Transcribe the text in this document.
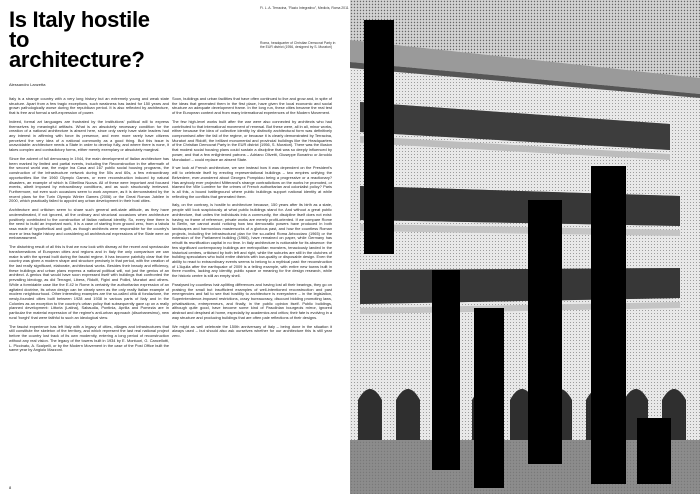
Is Italy hostile to architecture?
Alessandro Lanzetta

Italy is a strange country with a very long history but an extremely young and weak state structure. Apart from a few tragic exceptions, such weakness has lasted for 150 years and grown pathologically worse during the republican period. It is also reflected by architecture, that is free and formal a self-expression of power.

Indeed, formal art languages are frustrated by the institutions' political will to express themselves by meaningful artifacts. What is an absolutely necessary condition for the creation of a national architecture is absent here, since only rarely have state leaders had any interest in affirming with force its presence, and even more rarely have citizens perceived the very idea of a national community as a good thing. But this issue is unavoidable: architecture needs a State in order to develop fully, and where there is none, it takes complex and contradictory forms, either merely exemplary or absolutely marginal.

Since the advent of full democracy in 1944, the main development of Italian architecture has been marked by limited and partial events, including the Reconstruction in the aftermath of the second world war, the major Ina Casa and 167 public social housing programs, the construction of the infrastructure network during the 50s and 60s, a few extraordinary opportunities like the 1960 Olympic Games, or even reconstruction induced by natural disasters, an example of which is Gibellina Nuova. All of these were important and focused events, albeit imposed by extraordinary conditions, and as such structurally irrelevant. Furthermore, not even such occasions seem to work anymore, as it is demonstrated by the recent plans for the Turin Olympic Winter Games (2006) or the Great Roman Jubilee in 2000, which practically failed to appoint any urban development in their host cities.

Architecture and criticism seem to share such general anti-state attitude, as they have underestimated, if not ignored, all the ordinary and structural occasions when architecture positively contributed to the construction of Italian national identity. So, every time there is the need to build an important work, it is a case of starting from ground zero, from a tabula rasa made of hypothetical and guilt, as though architects were responsible for the country's more or less fragile history and considering all architectural expressions of the State were an embarrassment.

The disturbing result of all this is that we now look with dismay at the recent and spectacular transformations of European cities and regions and in Italy the only comparison we can make is with the spread built during the fascist regime. It has become painfully clear that the country was given a modern shape and structure precisely in that period, with the creation of the last really significant, elaborate, architectural works. Besides their beauty and efficiency, these buildings and urban plans express a national political will, not just the genius of an architect. A genius that would have soon expressed itself with buildings that confronted the prevailing ideology, as did Terragni, Libera, Ridolfi, Figini and Pollini, Muratori and others. While a formidable case like the E.42 in Rome is certainly the authoritarian expression of an agitated doctrine, its urban design can be clearly seen as the only really Italian example of modern neighbourhood. Other interesting examples are the so-called città di fondazione, the newly-founded cities built between 1928 and 1938 in various parts of Italy and in the Colonies as an exception to the country's urban policy that subsequently gave up on a really planned development: Littoria (Latina), Sabaudia, Pontinia, Aprilia and Pomezia are in particular the material expression of the regime's anti-urban approach (disurbanesimo), new rural 'borghi' that were faithful to such an ideological view.

The fascist experience has left Italy with a legacy of cities, villages and infrastructures that still constitute the skeleton of the territory, and which represent the last real national project before the country lost track of its own modernity, entering a long period of reconstruction without any real vision. The legacy of the towers built in 1934 by E. Montuori, G. Cancellotti, L. Piccinato, A. Scalpelli, or by the Modern Movement in the case of the Post Office built the same year by Angiolo Mazzoni.

Soon, buildings and urban facilities that have often continued to live and grow and, in spite of the ideas that generated them in the first place, have given the local economic and social structure an adequate development frame. In the long run, these cities became the real test of the European context and from many international experiences of the Modern Movement.

The few high-level works built after the war were also connected by architects who had contributed to that international movement of renewal. But these were, all in all, minor works, either because the idea of collective identity by distinctly architectural form was definitively compromised after the fall of the regime, or because it is clearly demonstrated by Terracina, Muratori and Ridolfi, the brilliant monumental and provincial buildings like the Headquarters of the Christian Democrat Party in the EUR district (1956, S. Muratori). There was the illusion that modest social housing plans could sustain a discipline that was so deeply influenced by power, and that a few enlightened patrons – Adriano Olivetti, Giuseppe Bonarino or Arnoldo Mondadori – could replace an absent State.

If we look at French architecture, we see instead how it was dependent on the President's will to celebrate itself by erecting representational buildings – two empires unifying the Belvedere, ever-wondered about Georges Pompidou being a progressive or a reactionary? Has anybody ever projected Mitterand's strange contradictions on the works he promoted, or blamed the Ville Lumière for the crimes of French authoritarian and colonialist policy? Paris is all this, a bound battleground where public buildings support national identity at while reflecting the conflicts that generated them.

Italy, on the contrary, is hostile to architecture because, 150 years after its birth as a state, people still look suspiciously at what public buildings stand for. And without a great public architecture, that unites the individuals into a community, the discipline itself does not exist: having no frame of reference, private works are merely profit-oriented. If we compare Rome to Berlin, we cannot avoid noticing how two democratic powers have produced in both landscapes and harmonious masterworks of a glorious past, and how the countless Roman projects, including the infrastructural plan for the so-called Roma Arbocciaro (1965) or the extension of the Parliament building (1966), have remained on paper, while Germany has rebuilt its reunification capital in no time. In Italy architecture is noticeable for its absence: the few significant contemporary buildings are metropolitan monsters, tenaciously landed in the historical centres, criticised by both left and right, while the suburbs are still in the clutches of building speculators who build entire districts with low-quality or disposable design. Even the ability to react to extraordinary events seems to belong to a mythical past: the reconstruction of L'Aquila after the earthquake of 2009 is a telling example, with entire new towns built in three months, lacking any identity, public space or meaning for the design research, while the historic centre is still an empty shell.

Paralysed by countless hair-splitting differences and having lost all their bearings, they go on praising the small but insufficient examples of well-intentioned reconstruction and past emergencies and fail to see that hostility to architecture is everywhere – in the legislation, Superintendence-imposed restrictions, crazy bureaucracy, discount bidding promoting laws, privatisations, entrepreneurs, and finally, in the public opinion itself. Public buildings, although quite good, have become some kind of Pasolinian bourgeois mirror, ignored abstract and despised at home, especially by academics and critics; their fate is evolving in a way structure and producing buildings that are often pale reflections of their designs.

We might as well celebrate the 150th anniversary of Italy – being done in the situation it always used – but should also ask ourselves whether for our architecture this is still year zero.

Fi. L. A. Terracina, "Razio Integrativo", Medicis, Roma 2011
Roma, headquarter of Christian Democrat Party in the EUR district (1956, designed by S. Muratori)
8
